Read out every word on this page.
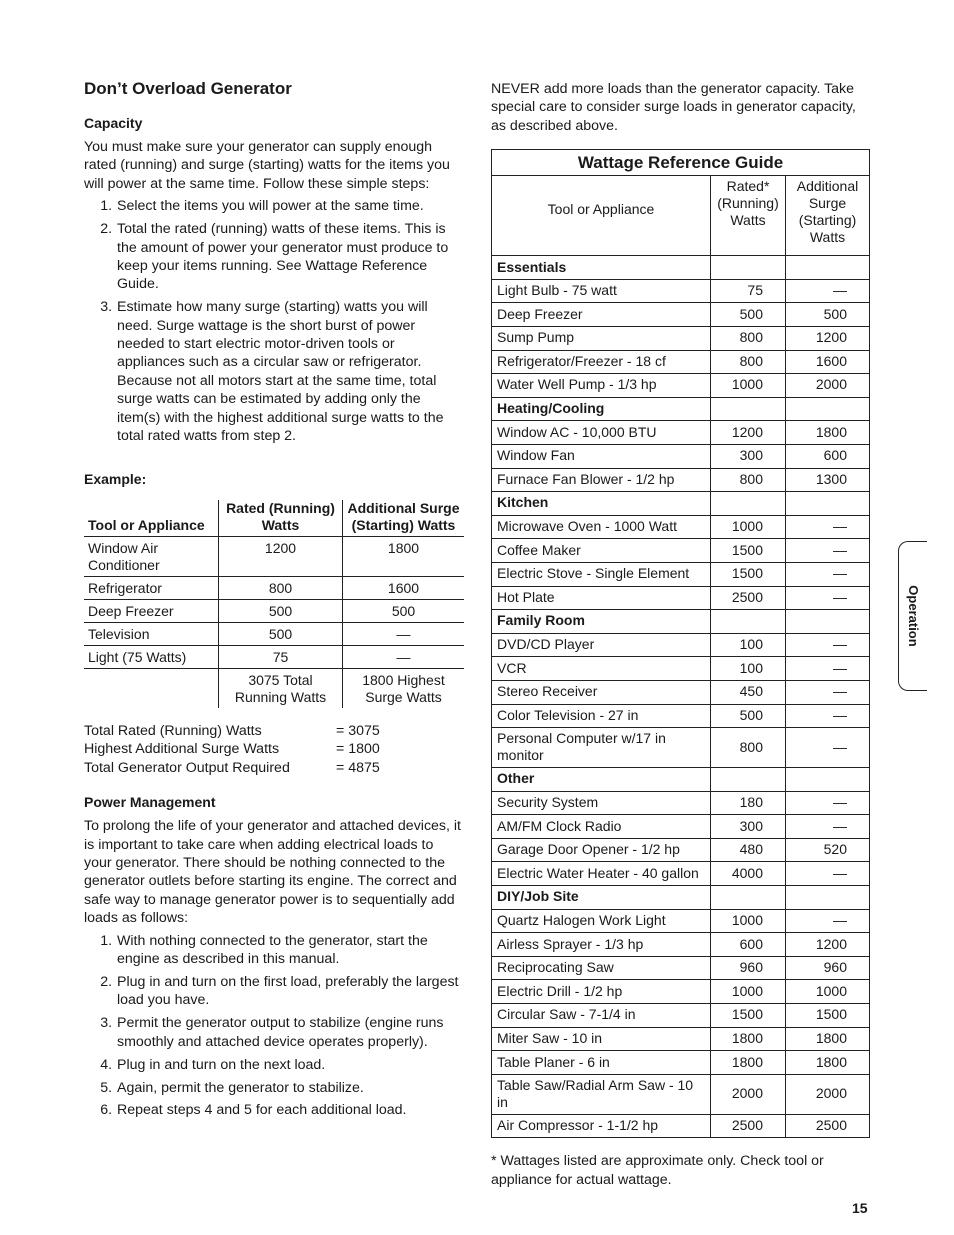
Don’t Overload Generator
Capacity

You must make sure your generator can supply enough rated (running) and surge (starting) watts for the items you will power at the same time. Follow these simple steps:

1. Select the items you will power at the same time.
2. Total the rated (running) watts of these items. This is the amount of power your generator must produce to keep your items running. See Wattage Reference Guide.
3. Estimate how many surge (starting) watts you will need. Surge wattage is the short burst of power needed to start electric motor-driven tools or appliances such as a circular saw or refrigerator. Because not all motors start at the same time, total surge watts can be estimated by adding only the item(s) with the highest additional surge watts to the total rated watts from step 2.
Example:
Tool or Appliance	Rated (Running) Watts	Additional Surge (Starting) Watts
Window Air Conditioner	1200	1800
Refrigerator	800	1600
Deep Freezer	500	500
Television	500	—
Light (75 Watts)	75	—
	3075 Total Running Watts	1800 Highest Surge Watts
Total Rated (Running) Watts	= 3075
Highest Additional Surge Watts	= 1800
Total Generator Output Required	= 4875
Power Management

To prolong the life of your generator and attached devices, it is important to take care when adding electrical loads to your generator. There should be nothing connected to the generator outlets before starting its engine. The correct and safe way to manage generator power is to sequentially add loads as follows:

1. With nothing connected to the generator, start the engine as described in this manual.
2. Plug in and turn on the first load, preferably the largest load you have.
3. Permit the generator output to stabilize (engine runs smoothly and attached device operates properly).
4. Plug in and turn on the next load.
5. Again, permit the generator to stabilize.
6. Repeat steps 4 and 5 for each additional load.

NEVER add more loads than the generator capacity. Take special care to consider surge loads in generator capacity, as described above.

Wattage Reference Guide		
Tool or Appliance	Rated* (Running) Watts	Additional Surge (Starting) Watts
Essentials		
Light Bulb - 75 watt	75	—
Deep Freezer	500	500
Sump Pump	800	1200
Refrigerator/Freezer - 18 cf	800	1600
Water Well Pump - 1/3 hp	1000	2000
Heating/Cooling		
Window AC - 10,000 BTU	1200	1800
Window Fan	300	600
Furnace Fan Blower - 1/2 hp	800	1300
Kitchen		
Microwave Oven - 1000 Watt	1000	—
Coffee Maker	1500	—
Electric Stove - Single Element	1500	—
Hot Plate	2500	—
Family Room		
DVD/CD Player	100	—
VCR	100	—
Stereo Receiver	450	—
Color Television - 27 in	500	—
Personal Computer w/17 in monitor	800	—
Other		
Security System	180	—
AM/FM Clock Radio	300	—
Garage Door Opener - 1/2 hp	480	520
Electric Water Heater - 40 gallon	4000	—
DIY/Job Site		
Quartz Halogen Work Light	1000	—
Airless Sprayer - 1/3 hp	600	1200
Reciprocating Saw	960	960
Electric Drill - 1/2 hp	1000	1000
Circular Saw - 7-1/4 in	1500	1500
Miter Saw - 10 in	1800	1800
Table Planer - 6 in	1800	1800
Table Saw/Radial Arm Saw - 10 in	2000	2000
Air Compressor - 1-1/2 hp	2500	2500

* Wattages listed are approximate only. Check tool or appliance for actual wattage.

Operation
15
